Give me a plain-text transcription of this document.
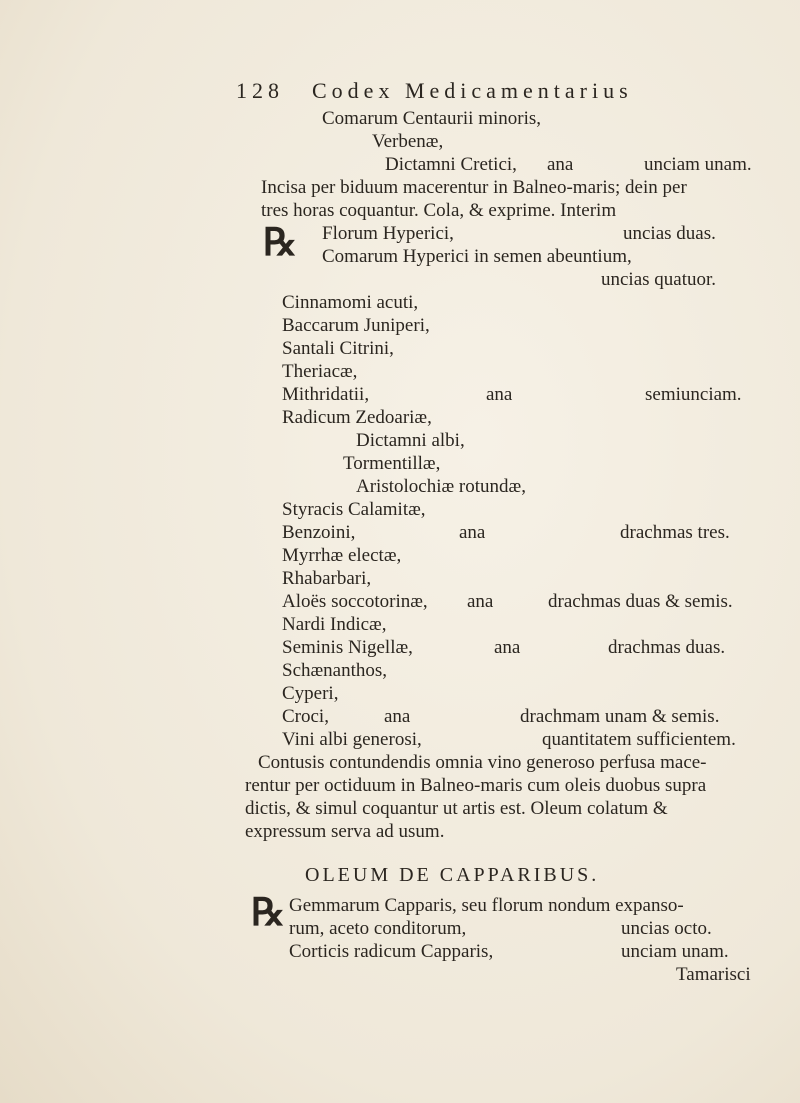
128 Codex Medicamentarius
Comarum Centaurii minoris,
Verbenæ,
Dictamni Cretici, ana	unciam unam.
Incisa per biduum macerentur in Balneo-maris; dein per
tres horas coquantur. Cola, & exprime. Interim
℞ Florum Hyperici,	uncias duas.
Comarum Hyperici in semen abeuntium,
uncias quatuor.
Cinnamomi acuti,
Baccarum Juniperi,
Santali Citrini,
Theriacæ,
Mithridatii,	ana	semiunciam.
Radicum Zedoariæ,
Dictamni albi,
Tormentillæ,
Aristolochiæ rotundæ,
Styracis Calamitæ,
Benzoini,	ana	drachmas tres.
Myrrhæ electæ,
Rhabarbari,
Aloës soccotorinæ, ana	drachmas duas & semis.
Nardi Indicæ,
Seminis Nigellæ,	ana	drachmas duas.
Schænanthos,
Cyperi,
Croci,	ana	drachmam unam & semis.
Vini albi generosi,	quantitatem sufficientem.
Contusis contundendis omnia vino generoso perfusa mace-
rentur per octiduum in Balneo-maris cum oleis duobus supra
dictis, & simul coquantur ut artis est. Oleum colatum &
expressum serva ad usum.
OLEUM DE CAPPARIBUS.
℞ Gemmarum Capparis, seu florum nondum expanso-
rum, aceto conditorum,	uncias octo.
Corticis radicum Capparis,	unciam unam.
Tamarisci
